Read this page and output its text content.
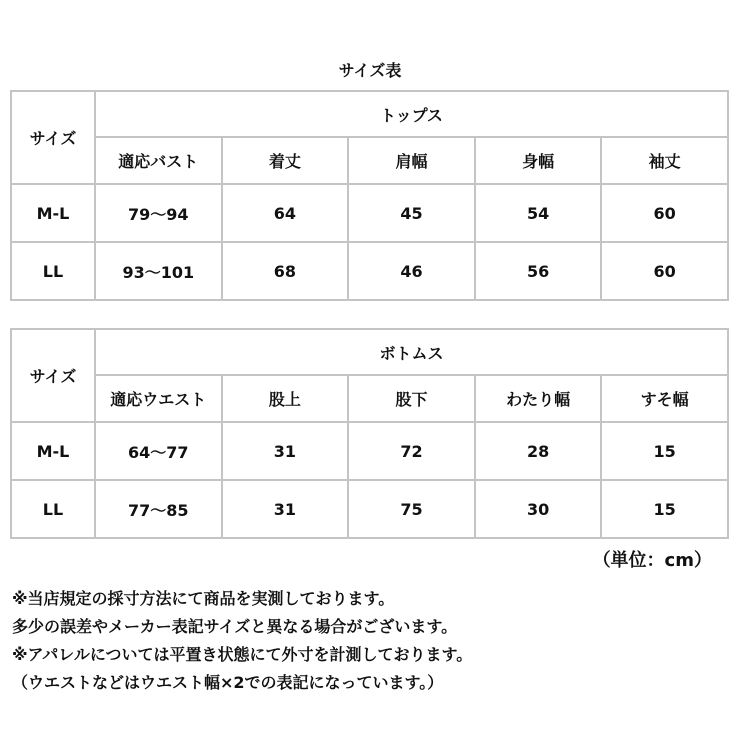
サイズ表
サイズ	トップス				
	適応バスト	着丈	肩幅	身幅	袖丈
M-L	79～94	64	45	54	60
LL	93～101	68	46	56	60
サイズ	ボトムス				
	適応ウエスト	股上	股下	わたり幅	すそ幅
M-L	64～77	31	72	28	15
LL	77～85	31	75	30	15
（単位：cm）
※当店規定の採寸方法にて商品を実測しております。
多少の誤差やメーカー表記サイズと異なる場合がございます。
※アパレルについては平置き状態にて外寸を計測しております。
（ウエストなどはウエスト幅×2での表記になっています。）
